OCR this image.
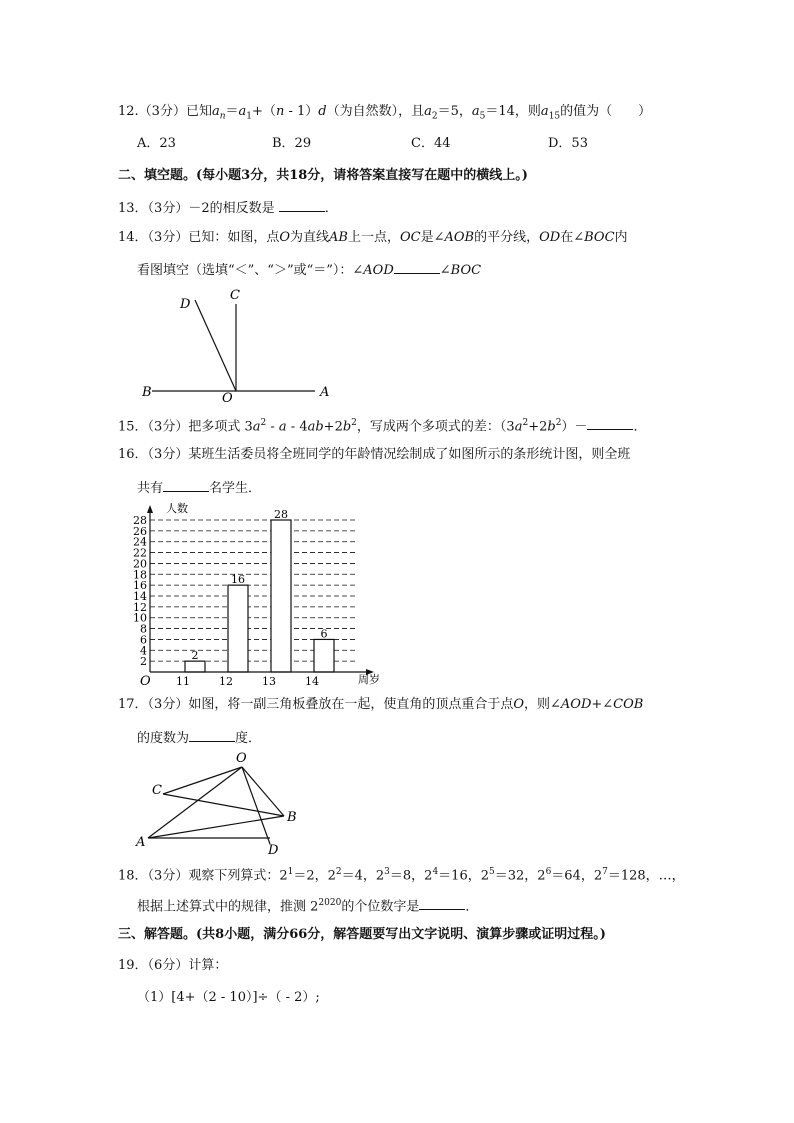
12.（3分）已知$a_n=a_1+(n - 1)d$（为自然数），且$a_2=5$，$a_5=14$，则$a_{15}$的值为（　　）
A．23	B．29	C．44	D．53
二、填空题。(每小题3分，共18分，请将答案直接写在题中的横线上。)
13．（3分）－2的相反数是	．
14．（3分）已知：如图，点O为直线AB上一点，OC是∠AOB的平分线，OD在∠BOC内
看图填空（选填“＜”、“＞”或“＝”）：∠AOD	∠BOC
D
C
B	O	A
15．（3分）把多项式 $3a^2 - a - 4ab+2b^2$，写成两个多项式的差：$(3a^2+2b^2)-$	．
16．（3分）某班生活委员将全班同学的年龄情况绘制成了如图所示的条形统计图，则全班
共有	名学生．
2
4
6
8
10
12
14
16
18
20
22
24
26
28
2
16
28
6
11	12	13	14
人数
周岁
O
17．（3分）如图，将一副三角板叠放在一起，使直角的顶点重合于点O，则∠AOD+∠COB
的度数为	度．
O
C
B
A
D
18．（3分）观察下列算式：$2^1=2$，$2^2=4$，$2^3=8$，$2^4=16$，$2^5=32$，$2^6=64$，$2^7=128$，…，
根据上述算式中的规律，推测 $2^{2020}$的个位数字是	．
三、解答题。(共8小题，满分66分，解答题要写出文字说明、演算步骤或证明过程。)
19．（6分）计算：
（1）[4+（2 - 10）]÷（ - 2）;
